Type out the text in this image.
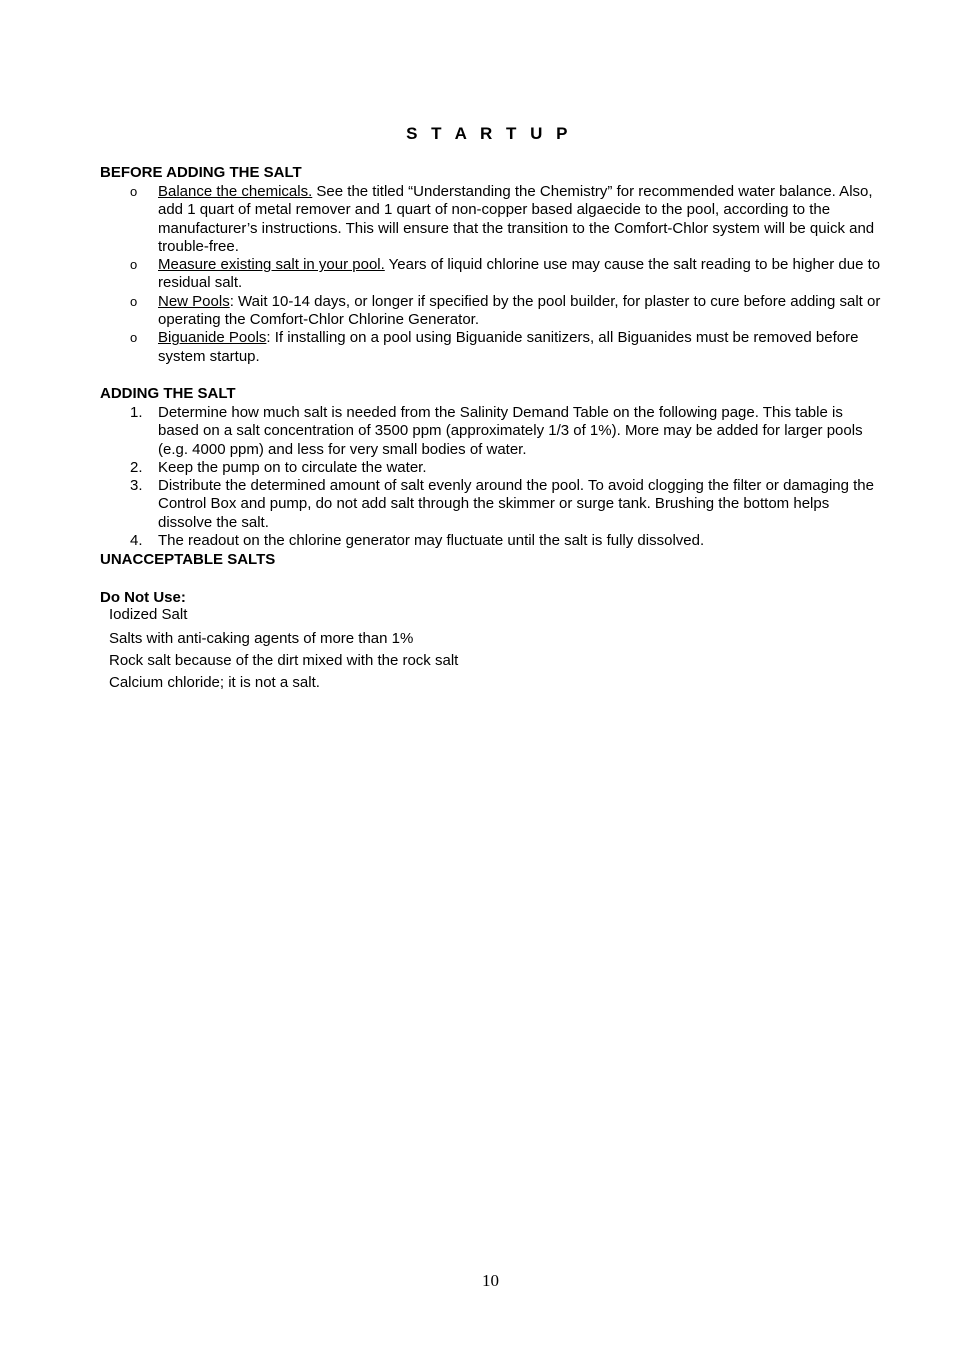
S T A R T U P
BEFORE ADDING THE SALT
o Balance the chemicals. See the titled “Understanding the Chemistry” for recommended water balance. Also, add 1 quart of metal remover and 1 quart of non-copper based algaecide to the pool, according to the manufacturer’s instructions. This will ensure that the transition to the Comfort-Chlor system will be quick and trouble-free.
o Measure existing salt in your pool. Years of liquid chlorine use may cause the salt reading to be higher due to residual salt.
o New Pools: Wait 10-14 days, or longer if specified by the pool builder, for plaster to cure before adding salt or operating the Comfort-Chlor Chlorine Generator.
o Biguanide Pools: If installing on a pool using Biguanide sanitizers, all Biguanides must be removed before system startup.
ADDING THE SALT
1. Determine how much salt is needed from the Salinity Demand Table on the following page. This table is based on a salt concentration of 3500 ppm (approximately 1/3 of 1%). More may be added for larger pools (e.g. 4000 ppm) and less for very small bodies of water.
2. Keep the pump on to circulate the water.
3. Distribute the determined amount of salt evenly around the pool. To avoid clogging the filter or damaging the Control Box and pump, do not add salt through the skimmer or surge tank. Brushing the bottom helps dissolve the salt.
4. The readout on the chlorine generator may fluctuate until the salt is fully dissolved.
UNACCEPTABLE SALTS
Do Not Use:
Iodized Salt
Salts with anti-caking agents of more than 1%
Rock salt because of the dirt mixed with the rock salt
Calcium chloride; it is not a salt.
10
